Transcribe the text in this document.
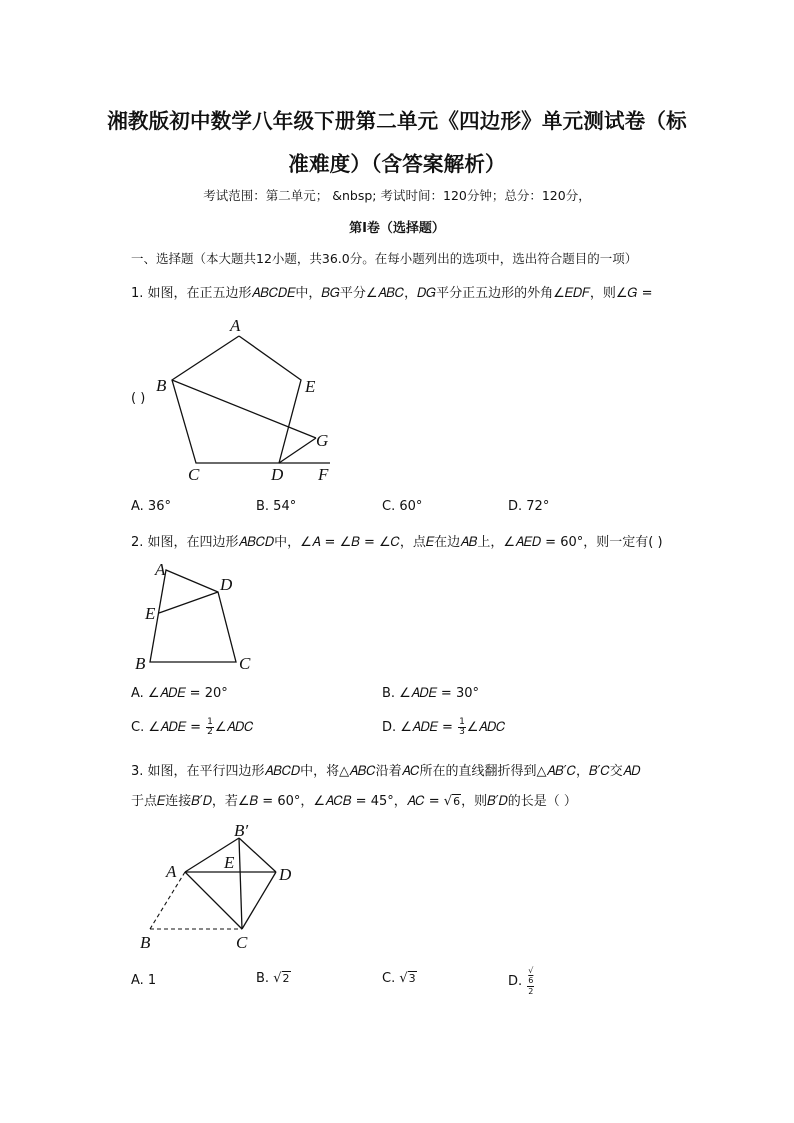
湘教版初中数学八年级下册第二单元《四边形》单元测试卷（标
准难度）（含答案解析）
考试范围：第二单元； &nbsp; 考试时间：120分钟；总分：120分，
第I卷（选择题）
一、选择题（本大题共12小题，共36.0分。在每小题列出的选项中，选出符合题目的一项）
1. 如图，在正五边形𝐴𝐵𝐶𝐷𝐸中，𝐵𝐺平分∠𝐴𝐵𝐶，𝐷𝐺平分正五边形的外角∠𝐸𝐷𝐹，则∠𝐺 =
A
B	E
G
C	D F
( )
A. 36°	B. 54°	C. 60°	D. 72°
2. 如图，在四边形𝐴𝐵𝐶𝐷中，∠𝐴 = ∠𝐵 = ∠𝐶，点𝐸在边𝐴𝐵上，∠𝐴𝐸𝐷 = 60°，则一定有( )
A
D
E
B	C
A. ∠𝐴𝐷𝐸 = 20°	B. ∠𝐴𝐷𝐸 = 30°
C. ∠𝐴𝐷𝐸 = $\frac{1}{2}$ ∠𝐴𝐷𝐶	D. ∠𝐴𝐷𝐸 = $\frac{1}{3}$ ∠𝐴𝐷𝐶
3. 如图，在平行四边形𝐴𝐵𝐶𝐷中，将△𝐴𝐵𝐶沿着𝐴𝐶所在的直线翻折得到△𝐴𝐵′𝐶，𝐵′𝐶交𝐴𝐷
于点𝐸连接𝐵′𝐷，若∠𝐵 = 60°，∠𝐴𝐶𝐵 = 45°，𝐴𝐶 = √6，则𝐵′𝐷的长是（ ）
B′
E
A	D
B	C
A. 1	B. √2	C. √3	D. √
6
2
